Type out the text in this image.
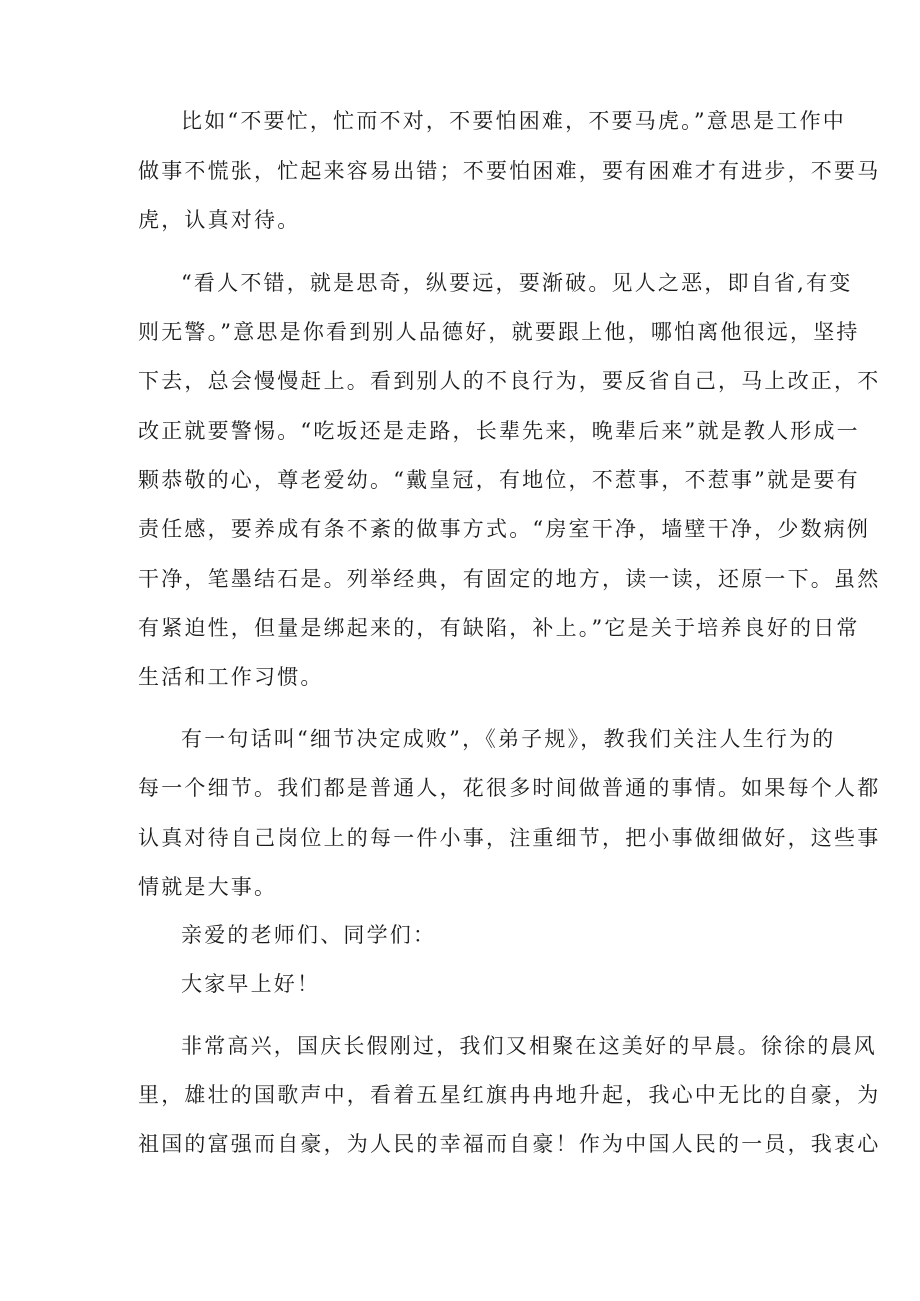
比如“不要忙，忙而不对，不要怕困难，不要马虎。”意思是工作中
做事不慌张，忙起来容易出错；不要怕困难，要有困难才有进步，不要马
虎，认真对待。
“看人不错，就是思奇，纵要远，要渐破。见人之恶，即自省,有变
则无警。”意思是你看到别人品德好，就要跟上他，哪怕离他很远，坚持
下去，总会慢慢赶上。看到别人的不良行为，要反省自己，马上改正，不
改正就要警惕。“吃坂还是走路，长辈先来，晚辈后来”就是教人形成一
颗恭敬的心，尊老爱幼。“戴皇冠，有地位，不惹事，不惹事”就是要有
责任感，要养成有条不紊的做事方式。“房室干净，墙壁干净，少数病例
干净，笔墨结石是。列举经典，有固定的地方，读一读，还原一下。虽然
有紧迫性，但量是绑起来的，有缺陷，补上。”它是关于培养良好的日常
生活和工作习惯。
有一句话叫“细节决定成败”，《弟子规》，教我们关注人生行为的
每一个细节。我们都是普通人，花很多时间做普通的事情。如果每个人都
认真对待自己岗位上的每一件小事，注重细节，把小事做细做好，这些事
情就是大事。
亲爱的老师们、同学们：
大家早上好！
非常高兴，国庆长假刚过，我们又相聚在这美好的早晨。徐徐的晨风
里，雄壮的国歌声中，看着五星红旗冉冉地升起，我心中无比的自豪，为
祖国的富强而自豪，为人民的幸福而自豪！作为中国人民的一员，我衷心
